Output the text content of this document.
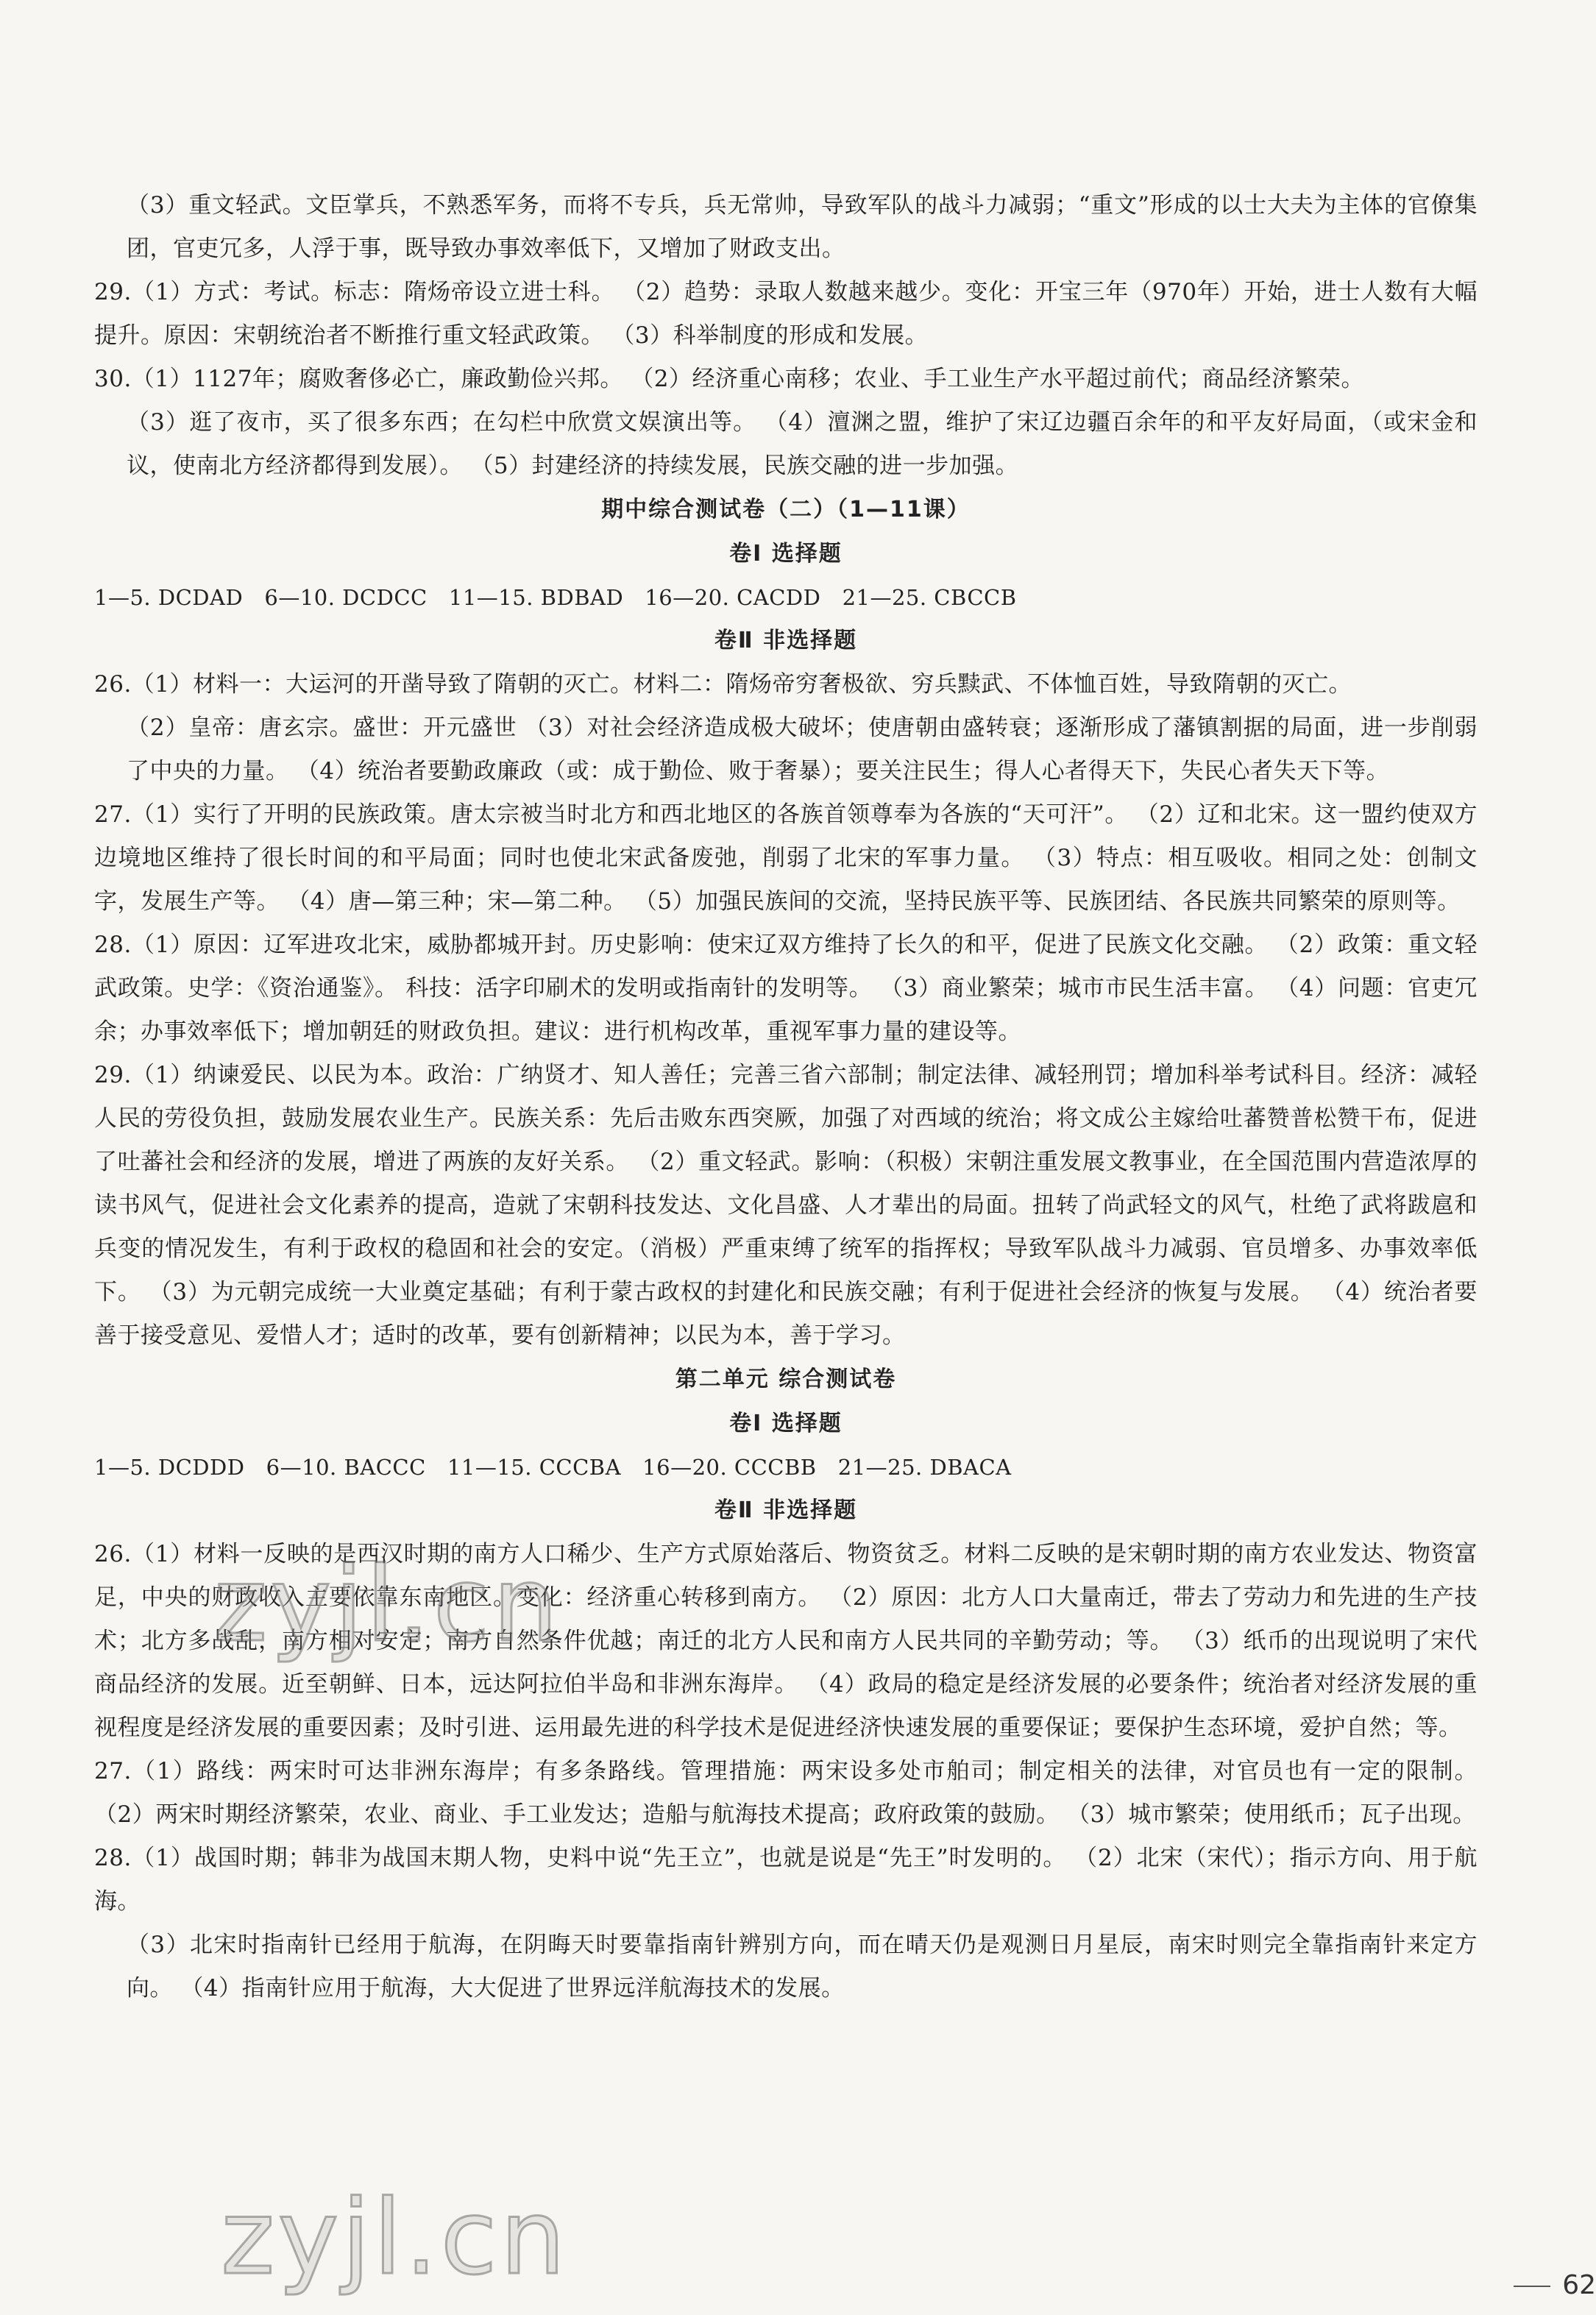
（3）重文轻武。文臣掌兵，不熟悉军务，而将不专兵，兵无常帅，导致军队的战斗力减弱；“重文”形成的以士大夫为主体的官僚集团，官吏冗多，人浮于事，既导致办事效率低下，又增加了财政支出。

29.（1）方式：考试。标志：隋炀帝设立进士科。 （2）趋势：录取人数越来越少。变化：开宝三年（970年）开始，进士人数有大幅提升。原因：宋朝统治者不断推行重文轻武政策。 （3）科举制度的形成和发展。

30.（1）1127年；腐败奢侈必亡，廉政勤俭兴邦。 （2）经济重心南移；农业、手工业生产水平超过前代；商品经济繁荣。

（3）逛了夜市，买了很多东西；在勾栏中欣赏文娱演出等。 （4）澶渊之盟，维护了宋辽边疆百余年的和平友好局面，（或宋金和议，使南北方经济都得到发展）。 （5）封建经济的持续发展，民族交融的进一步加强。

期中综合测试卷（二）（1—11课）

卷Ⅰ 选择题

1—5. DCDAD   6—10. DCDCC   11—15. BDBAD   16—20. CACDD   21—25. CBCCB

卷Ⅱ 非选择题

26.（1）材料一：大运河的开凿导致了隋朝的灭亡。材料二：隋炀帝穷奢极欲、穷兵黩武、不体恤百姓，导致隋朝的灭亡。

（2）皇帝：唐玄宗。盛世：开元盛世 （3）对社会经济造成极大破坏；使唐朝由盛转衰；逐渐形成了藩镇割据的局面，进一步削弱了中央的力量。 （4）统治者要勤政廉政（或：成于勤俭、败于奢暴）；要关注民生；得人心者得天下，失民心者失天下等。

27.（1）实行了开明的民族政策。唐太宗被当时北方和西北地区的各族首领尊奉为各族的“天可汗”。 （2）辽和北宋。这一盟约使双方边境地区维持了很长时间的和平局面；同时也使北宋武备废弛，削弱了北宋的军事力量。 （3）特点：相互吸收。相同之处：创制文字，发展生产等。 （4）唐—第三种；宋—第二种。 （5）加强民族间的交流，坚持民族平等、民族团结、各民族共同繁荣的原则等。

28.（1）原因：辽军进攻北宋，威胁都城开封。历史影响：使宋辽双方维持了长久的和平，促进了民族文化交融。 （2）政策：重文轻武政策。史学：《资治通鉴》。 科技：活字印刷术的发明或指南针的发明等。 （3）商业繁荣；城市市民生活丰富。 （4）问题：官吏冗余；办事效率低下；增加朝廷的财政负担。建议：进行机构改革，重视军事力量的建设等。

29.（1）纳谏爱民、以民为本。政治：广纳贤才、知人善任；完善三省六部制；制定法律、减轻刑罚；增加科举考试科目。经济：减轻人民的劳役负担，鼓励发展农业生产。民族关系：先后击败东西突厥，加强了对西域的统治；将文成公主嫁给吐蕃赞普松赞干布，促进了吐蕃社会和经济的发展，增进了两族的友好关系。 （2）重文轻武。影响：（积极）宋朝注重发展文教事业，在全国范围内营造浓厚的读书风气，促进社会文化素养的提高，造就了宋朝科技发达、文化昌盛、人才辈出的局面。扭转了尚武轻文的风气，杜绝了武将跋扈和兵变的情况发生，有利于政权的稳固和社会的安定。（消极）严重束缚了统军的指挥权；导致军队战斗力减弱、官员增多、办事效率低下。 （3）为元朝完成统一大业奠定基础；有利于蒙古政权的封建化和民族交融；有利于促进社会经济的恢复与发展。 （4）统治者要善于接受意见、爱惜人才；适时的改革，要有创新精神；以民为本，善于学习。

第二单元 综合测试卷

卷Ⅰ 选择题

1—5. DCDDD   6—10. BACCC   11—15. CCCBA   16—20. CCCBB   21—25. DBACA

卷Ⅱ 非选择题

26.（1）材料一反映的是西汉时期的南方人口稀少、生产方式原始落后、物资贫乏。材料二反映的是宋朝时期的南方农业发达、物资富足，中央的财政收入主要依靠东南地区。变化：经济重心转移到南方。 （2）原因：北方人口大量南迁，带去了劳动力和先进的生产技术；北方多战乱，南方相对安定；南方自然条件优越；南迁的北方人民和南方人民共同的辛勤劳动；等。 （3）纸币的出现说明了宋代商品经济的发展。近至朝鲜、日本，远达阿拉伯半岛和非洲东海岸。 （4）政局的稳定是经济发展的必要条件；统治者对经济发展的重视程度是经济发展的重要因素；及时引进、运用最先进的科学技术是促进经济快速发展的重要保证；要保护生态环境，爱护自然；等。

27.（1）路线：两宋时可达非洲东海岸；有多条路线。管理措施：两宋设多处市舶司；制定相关的法律，对官员也有一定的限制。 （2）两宋时期经济繁荣，农业、商业、手工业发达；造船与航海技术提高；政府政策的鼓励。 （3）城市繁荣；使用纸币；瓦子出现。

28.（1）战国时期；韩非为战国末期人物，史料中说“先王立”，也就是说是“先王”时发明的。 （2）北宋（宋代）；指示方向、用于航海。

（3）北宋时指南针已经用于航海，在阴晦天时要靠指南针辨别方向，而在晴天仍是观测日月星辰，南宋时则完全靠指南针来定方向。 （4）指南针应用于航海，大大促进了世界远洋航海技术的发展。

zyjl.cn
zyjl.cn	62
